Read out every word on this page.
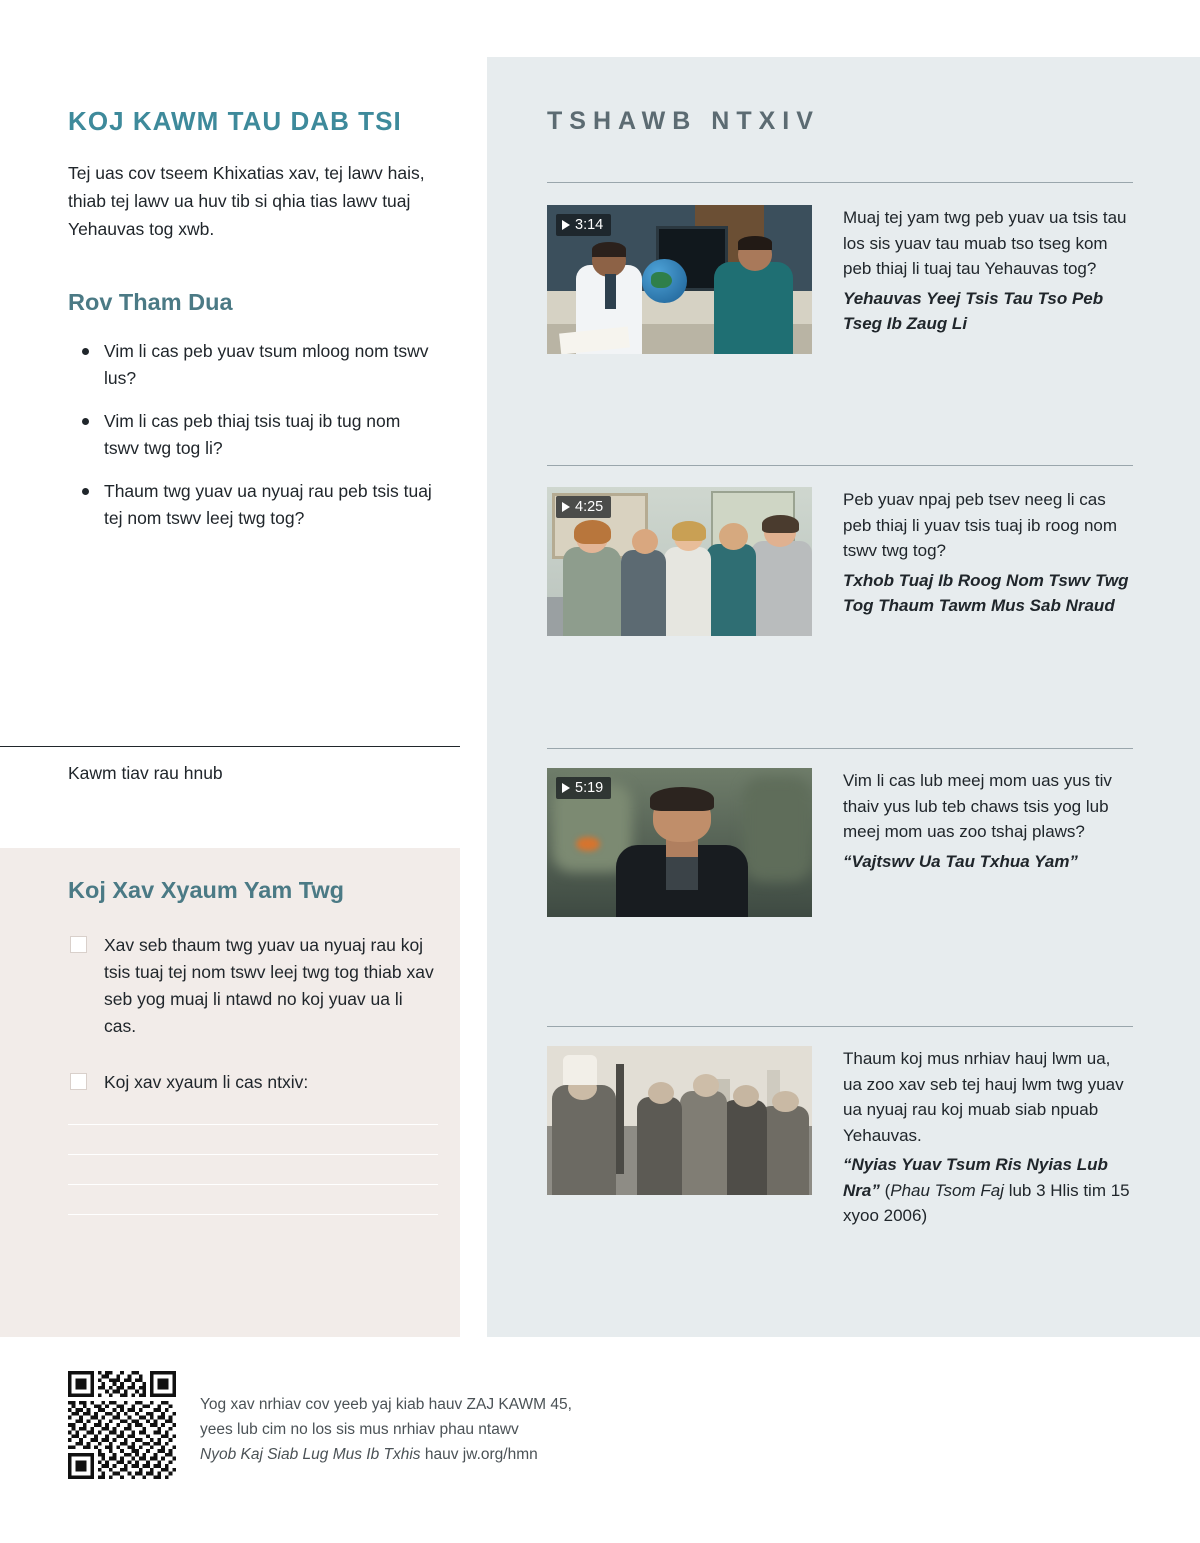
KOJ KAWM TAU DAB TSI

Tej uas cov tseem Khixatias xav, tej lawv hais, thiab tej lawv ua huv tib si qhia tias lawv tuaj Yehauvas tog xwb.

Rov Tham Dua
Vim li cas peb yuav tsum mloog nom tswv lus?
Vim li cas peb thiaj tsis tuaj ib tug nom tswv twg tog li?
Thaum twg yuav ua nyuaj rau peb tsis tuaj tej nom tswv leej twg tog?
Kawm tiav rau hnub
Koj Xav Xyaum Yam Twg
Xav seb thaum twg yuav ua nyuaj rau koj tsis tuaj tej nom tswv leej twg tog thiab xav seb yog muaj li ntawd no koj yuav ua li cas.
Koj xav xyaum li cas ntxiv:
TSHAWB NTXIV
3:14	Muaj tej yam twg peb yuav ua tsis tau los sis yuav tau muab tso tseg kom peb thiaj li tuaj tau Yehauvas tog?

Yehauvas Yeej Tsis Tau Tso Peb Tseg Ib Zaug Li

4:25	Peb yuav npaj peb tsev neeg li cas peb thiaj li yuav tsis tuaj ib roog nom tswv twg tog?

Txhob Tuaj Ib Roog Nom Tswv Twg Tog Thaum Tawm Mus Sab Nraud

5:19	Vim li cas lub meej mom uas yus tiv thaiv yus lub teb chaws tsis yog lub meej mom uas zoo tshaj plaws?

“Vajtswv Ua Tau Txhua Yam”

Thaum koj mus nrhiav hauj lwm ua, ua zoo xav seb tej hauj lwm twg yuav ua nyuaj rau koj muab siab npuab Yehauvas.

“Nyias Yuav Tsum Ris Nyias Lub Nra” (Phau Tsom Faj lub 3 Hlis tim 15 xyoo 2006)

Yog xav nrhiav cov yeeb yaj kiab hauv ZAJ KAWM 45,
yees lub cim no los sis mus nrhiav phau ntawv
Nyob Kaj Siab Lug Mus Ib Txhis hauv jw.org/hmn
